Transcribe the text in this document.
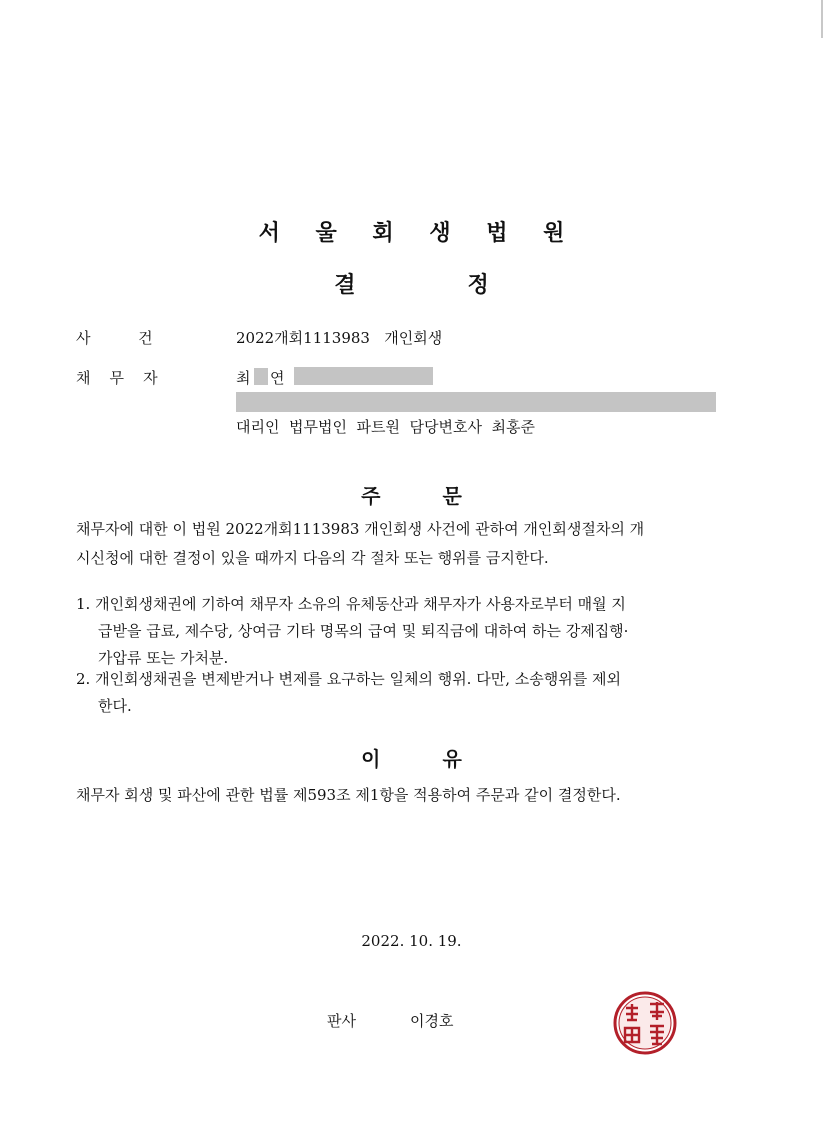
서 울 회 생 법 원
결	정
사          건	2022개회1113983   개인회생
채    무    자	최 연
대리인  법무법인  파트원  담당변호사  최홍준
주	문
채무자에 대한 이 법원 2022개회1113983 개인회생 사건에 관하여 개인회생절차의 개
시신청에 대한 결정이 있을 때까지 다음의 각 절차 또는 행위를 금지한다.
1. 개인회생채권에 기하여 채무자 소유의 유체동산과 채무자가 사용자로부터 매월 지
급받을 급료, 제수당, 상여금 기타 명목의 급여 및 퇴직금에 대하여 하는 강제집행·
가압류 또는 가처분.
2. 개인회생채권을 변제받거나 변제를 요구하는 일체의 행위. 다만, 소송행위를 제외
한다.
이	유
채무자 회생 및 파산에 관한 법률 제593조 제1항을 적용하여 주문과 같이 결정한다.
2022. 10. 19.
판사	이경호
